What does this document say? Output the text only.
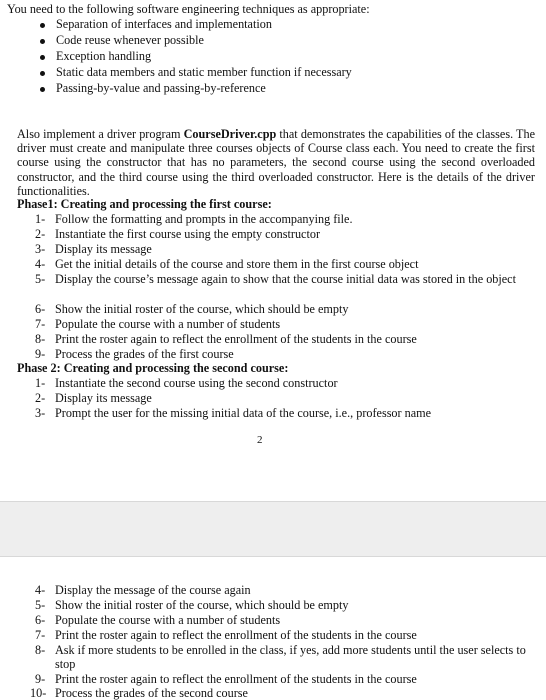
You need to the following software engineering techniques as appropriate:
Separation of interfaces and implementation
Code reuse whenever possible
Exception handling
Static data members and static member function if necessary
Passing-by-value and passing-by-reference
Also implement a driver program CourseDriver.cpp that demonstrates the capabilities of the classes. The driver must create and manipulate three courses objects of Course class each. You need to create the first course using the constructor that has no parameters, the second course using the second overloaded constructor, and the third course using the third overloaded constructor. Here is the details of the driver functionalities.
Phase1: Creating and processing the first course:
1- Follow the formatting and prompts in the accompanying file.
2- Instantiate the first course using the empty constructor
3- Display its message
4- Get the initial details of the course and store them in the first course object
5- Display the course’s message again to show that the course initial data was stored in the object
6- Show the initial roster of the course, which should be empty
7- Populate the course with a number of students
8- Print the roster again to reflect the enrollment of the students in the course
9- Process the grades of the first course
Phase 2: Creating and processing the second course:
1- Instantiate the second course using the second constructor
2- Display its message
3- Prompt the user for the missing initial data of the course, i.e., professor name
2
4- Display the message of the course again
5- Show the initial roster of the course, which should be empty
6- Populate the course with a number of students
7- Print the roster again to reflect the enrollment of the students in the course
8- Ask if more students to be enrolled in the class, if yes, add more students until the user selects to stop
9- Print the roster again to reflect the enrollment of the students in the course
10- Process the grades of the second course
